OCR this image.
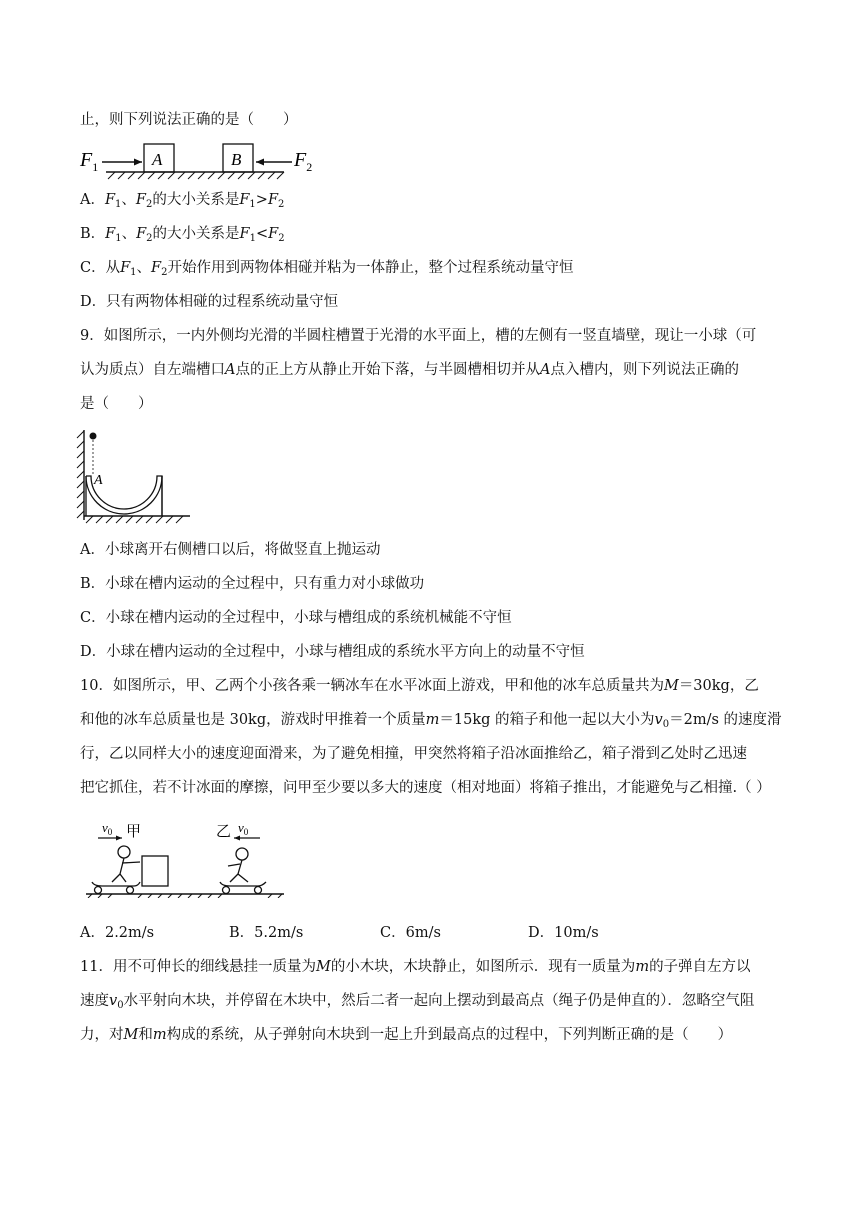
止，则下列说法正确的是（　　）
$F_1$	A	B	$F_2$
A．$F_1$、$F_2$的大小关系是$F_1>F_2$
B．$F_1$、$F_2$的大小关系是$F_1<F_2$
C．从$F_1$、$F_2$开始作用到两物体相碰并粘为一体静止，整个过程系统动量守恒
D．只有两物体相碰的过程系统动量守恒
9．如图所示，一内外侧均光滑的半圆柱槽置于光滑的水平面上，槽的左侧有一竖直墙壁，现让一小球（可
认为质点）自左端槽口A点的正上方从静止开始下落，与半圆槽相切并从A点入槽内，则下列说法正确的
是（　　）
A
A．小球离开右侧槽口以后，将做竖直上抛运动
B．小球在槽内运动的全过程中，只有重力对小球做功
C．小球在槽内运动的全过程中，小球与槽组成的系统机械能不守恒
D．小球在槽内运动的全过程中，小球与槽组成的系统水平方向上的动量不守恒
10．如图所示，甲、乙两个小孩各乘一辆冰车在水平冰面上游戏，甲和他的冰车总质量共为M＝30kg，乙
和他的冰车总质量也是 30kg，游戏时甲推着一个质量m＝15kg 的箱子和他一起以大小为$v_0=2m/s$ 的速度滑
行，乙以同样大小的速度迎面滑来，为了避免相撞，甲突然将箱子沿冰面推给乙，箱子滑到乙处时乙迅速
把它抓住，若不计冰面的摩擦，问甲至少要以多大的速度（相对地面）将箱子推出，才能避免与乙相撞.（ ）
$v_0$ 甲	乙 $v_0$
A．2.2m/s	B．5.2m/s	C．6m/s	D．10m/s
11．用不可伸长的细线悬挂一质量为M的小木块，木块静止，如图所示．现有一质量为m的子弹自左方以
速度$v_0$水平射向木块，并停留在木块中，然后二者一起向上摆动到最高点（绳子仍是伸直的）．忽略空气阻
力，对M和m构成的系统，从子弹射向木块到一起上升到最高点的过程中，下列判断正确的是（　　）
